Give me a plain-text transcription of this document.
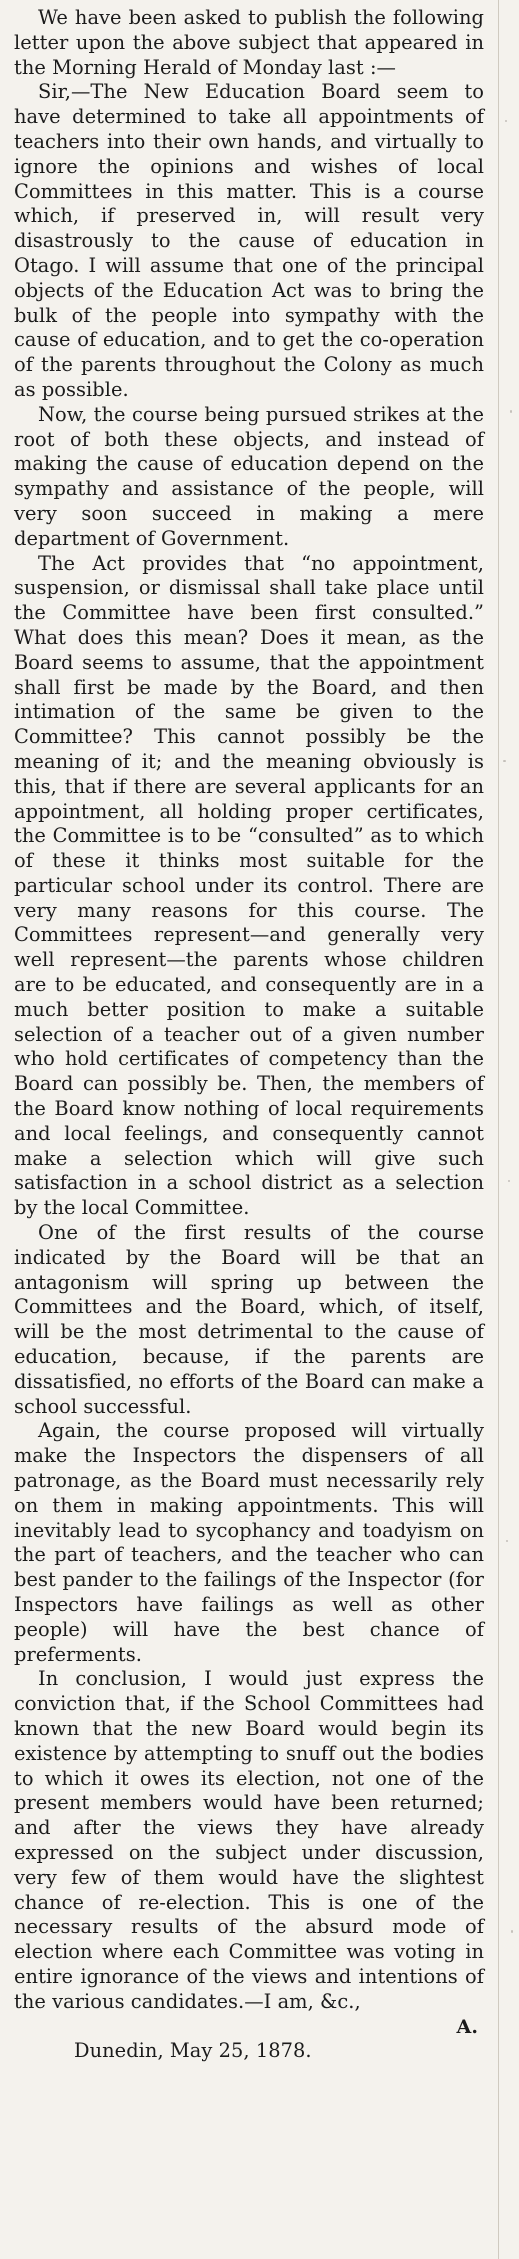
We have been asked to publish the following letter upon the above subject that appeared in the Morning Herald of Monday last :—

Sir,—The New Education Board seem to have determined to take all appointments of teachers into their own hands, and virtually to ignore the opinions and wishes of local Committees in this matter. This is a course which, if preserved in, will result very disastrously to the cause of education in Otago. I will assume that one of the principal objects of the Education Act was to bring the bulk of the people into sympathy with the cause of education, and to get the co-operation of the parents throughout the Colony as much as possible.

Now, the course being pursued strikes at the root of both these objects, and instead of making the cause of education depend on the sympathy and assistance of the people, will very soon succeed in making a mere department of Government.

The Act provides that “no appointment, suspension, or dismissal shall take place until the Committee have been first consulted.” What does this mean? Does it mean, as the Board seems to assume, that the appointment shall first be made by the Board, and then intimation of the same be given to the Committee? This cannot possibly be the meaning of it; and the meaning obviously is this, that if there are several applicants for an appointment, all holding proper certificates, the Committee is to be “consulted” as to which of these it thinks most suitable for the particular school under its control. There are very many reasons for this course. The Committees represent—and generally very well represent—the parents whose children are to be educated, and consequently are in a much better position to make a suitable selection of a teacher out of a given number who hold certificates of competency than the Board can possibly be. Then, the members of the Board know nothing of local requirements and local feelings, and consequently cannot make a selection which will give such satisfaction in a school district as a selection by the local Committee.

One of the first results of the course indicated by the Board will be that an antagonism will spring up between the Committees and the Board, which, of itself, will be the most detrimental to the cause of education, because, if the parents are dissatisfied, no efforts of the Board can make a school successful.

Again, the course proposed will virtually make the Inspectors the dispensers of all patronage, as the Board must necessarily rely on them in making appointments. This will inevitably lead to sycophancy and toadyism on the part of teachers, and the teacher who can best pander to the failings of the Inspector (for Inspectors have failings as well as other people) will have the best chance of preferments.

In conclusion, I would just express the conviction that, if the School Committees had known that the new Board would begin its existence by attempting to snuff out the bodies to which it owes its election, not one of the present members would have been returned; and after the views they have already expressed on the subject under discussion, very few of them would have the slightest chance of re-election. This is one of the necessary results of the absurd mode of election where each Committee was voting in entire ignorance of the views and intentions of the various candidates.—I am, &c.,

A.

Dunedin, May 25, 1878.
